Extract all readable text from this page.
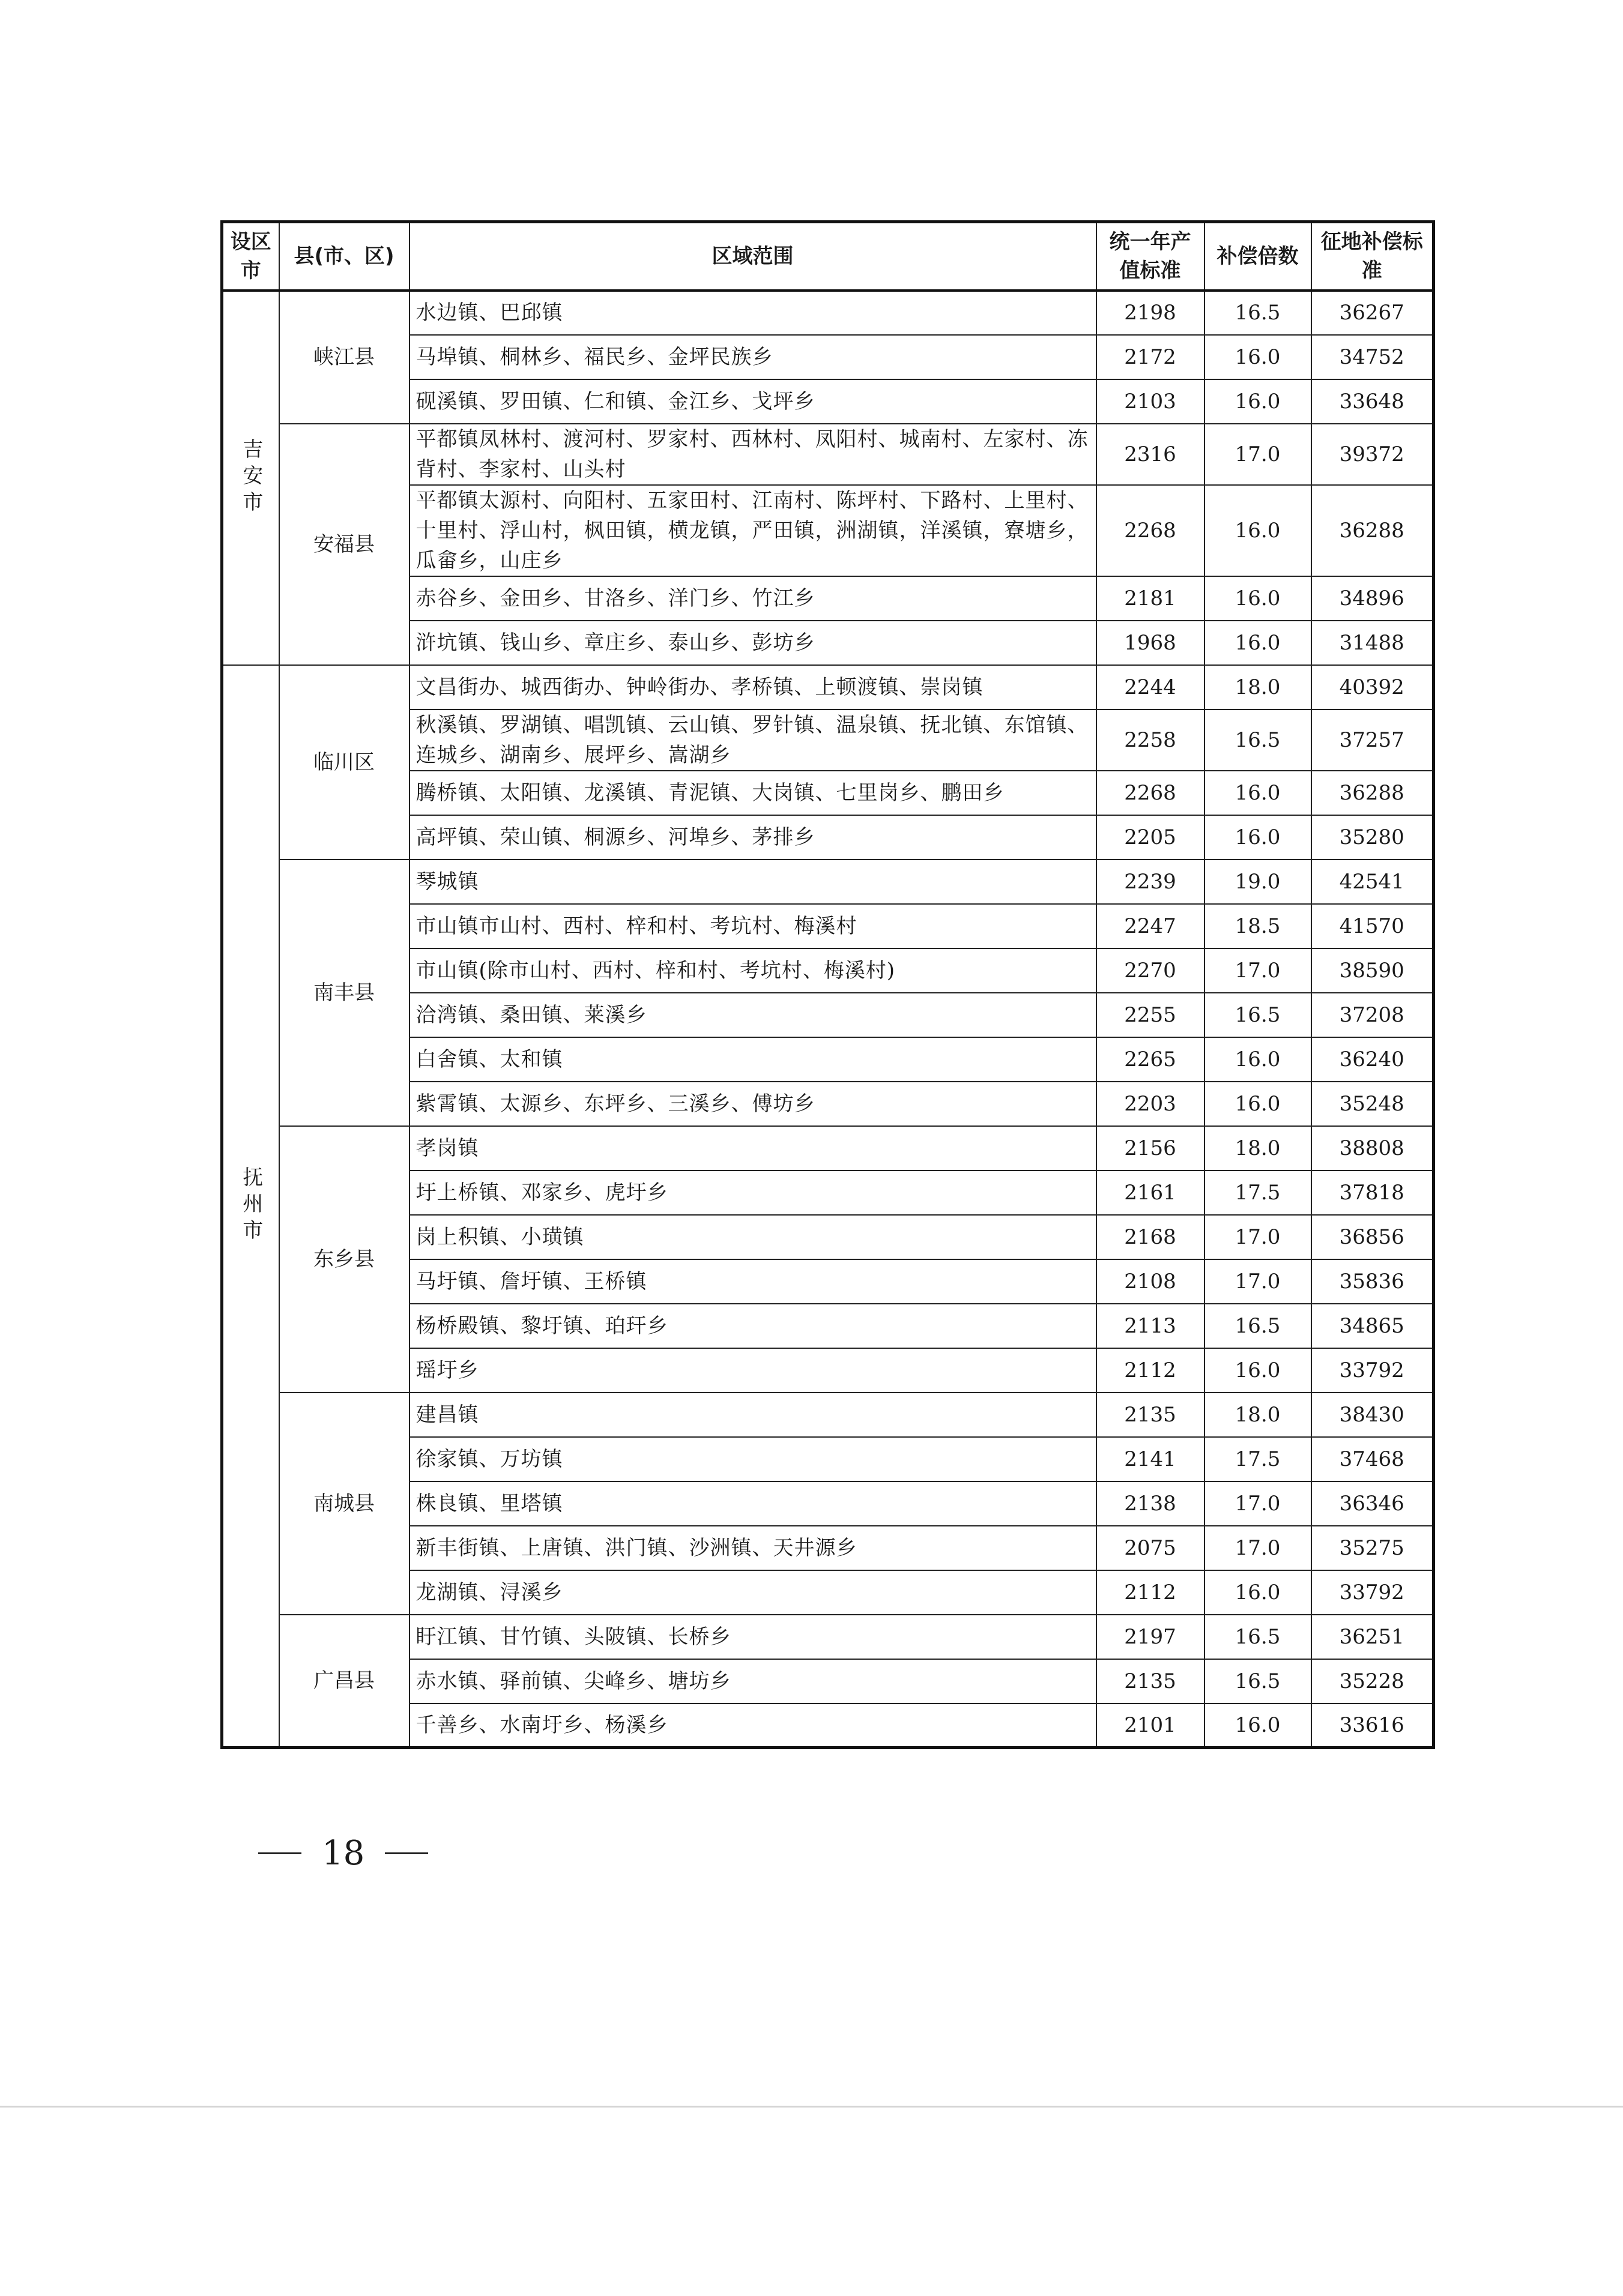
设区市	县(市、区)	区域范围	统一年产值标准	补偿倍数	征地补偿标准
吉安市	峡江县	水边镇、巴邱镇	2198	16.5	36267
		马埠镇、桐林乡、福民乡、金坪民族乡	2172	16.0	34752
		砚溪镇、罗田镇、仁和镇、金江乡、戈坪乡	2103	16.0	33648
	安福县	平都镇凤林村、渡河村、罗家村、西林村、凤阳村、城南村、左家村、冻背村、李家村、山头村	2316	17.0	39372
		平都镇太源村、向阳村、五家田村、江南村、陈坪村、下路村、上里村、十里村、浮山村，枫田镇，横龙镇，严田镇，洲湖镇，洋溪镇，寮塘乡，瓜畲乡，山庄乡	2268	16.0	36288
		赤谷乡、金田乡、甘洛乡、洋门乡、竹江乡	2181	16.0	34896
		浒坑镇、钱山乡、章庄乡、泰山乡、彭坊乡	1968	16.0	31488
抚州市	临川区	文昌街办、城西街办、钟岭街办、孝桥镇、上顿渡镇、崇岗镇	2244	18.0	40392
		秋溪镇、罗湖镇、唱凯镇、云山镇、罗针镇、温泉镇、抚北镇、东馆镇、连城乡、湖南乡、展坪乡、嵩湖乡	2258	16.5	37257
		腾桥镇、太阳镇、龙溪镇、青泥镇、大岗镇、七里岗乡、鹏田乡	2268	16.0	36288
		高坪镇、荣山镇、桐源乡、河埠乡、茅排乡	2205	16.0	35280
	南丰县	琴城镇	2239	19.0	42541
		市山镇市山村、西村、梓和村、考坑村、梅溪村	2247	18.5	41570
		市山镇(除市山村、西村、梓和村、考坑村、梅溪村)	2270	17.0	38590
		洽湾镇、桑田镇、莱溪乡	2255	16.5	37208
		白舍镇、太和镇	2265	16.0	36240
		紫霄镇、太源乡、东坪乡、三溪乡、傅坊乡	2203	16.0	35248
	东乡县	孝岗镇	2156	18.0	38808
		圩上桥镇、邓家乡、虎圩乡	2161	17.5	37818
		岗上积镇、小璜镇	2168	17.0	36856
		马圩镇、詹圩镇、王桥镇	2108	17.0	35836
		杨桥殿镇、黎圩镇、珀玕乡	2113	16.5	34865
		瑶圩乡	2112	16.0	33792
	南城县	建昌镇	2135	18.0	38430
		徐家镇、万坊镇	2141	17.5	37468
		株良镇、里塔镇	2138	17.0	36346
		新丰街镇、上唐镇、洪门镇、沙洲镇、天井源乡	2075	17.0	35275
		龙湖镇、浔溪乡	2112	16.0	33792
	广昌县	盱江镇、甘竹镇、头陂镇、长桥乡	2197	16.5	36251
		赤水镇、驿前镇、尖峰乡、塘坊乡	2135	16.5	35228
		千善乡、水南圩乡、杨溪乡	2101	16.0	33616
18
